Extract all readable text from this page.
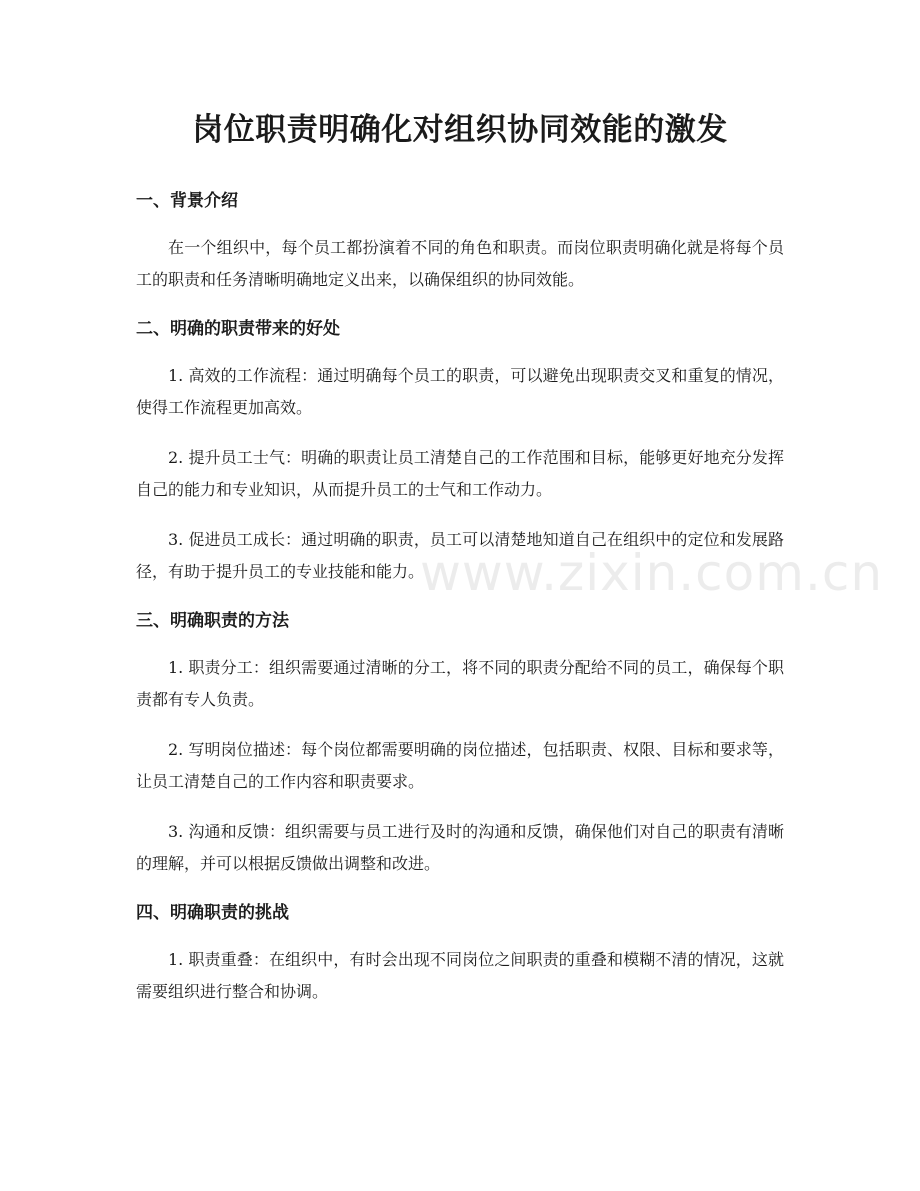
岗位职责明确化对组织协同效能的激发
一、背景介绍

在一个组织中，每个员工都扮演着不同的角色和职责。而岗位职责明确化就是将每个员工的职责和任务清晰明确地定义出来，以确保组织的协同效能。

二、明确的职责带来的好处

1. 高效的工作流程：通过明确每个员工的职责，可以避免出现职责交叉和重复的情况，使得工作流程更加高效。

2. 提升员工士气：明确的职责让员工清楚自己的工作范围和目标，能够更好地充分发挥自己的能力和专业知识，从而提升员工的士气和工作动力。

3. 促进员工成长：通过明确的职责，员工可以清楚地知道自己在组织中的定位和发展路径，有助于提升员工的专业技能和能力。

三、明确职责的方法

1. 职责分工：组织需要通过清晰的分工，将不同的职责分配给不同的员工，确保每个职责都有专人负责。

2. 写明岗位描述：每个岗位都需要明确的岗位描述，包括职责、权限、目标和要求等，让员工清楚自己的工作内容和职责要求。

3. 沟通和反馈：组织需要与员工进行及时的沟通和反馈，确保他们对自己的职责有清晰的理解，并可以根据反馈做出调整和改进。

四、明确职责的挑战

1. 职责重叠：在组织中，有时会出现不同岗位之间职责的重叠和模糊不清的情况，这就需要组织进行整合和协调。

www.zixin.com.cn
